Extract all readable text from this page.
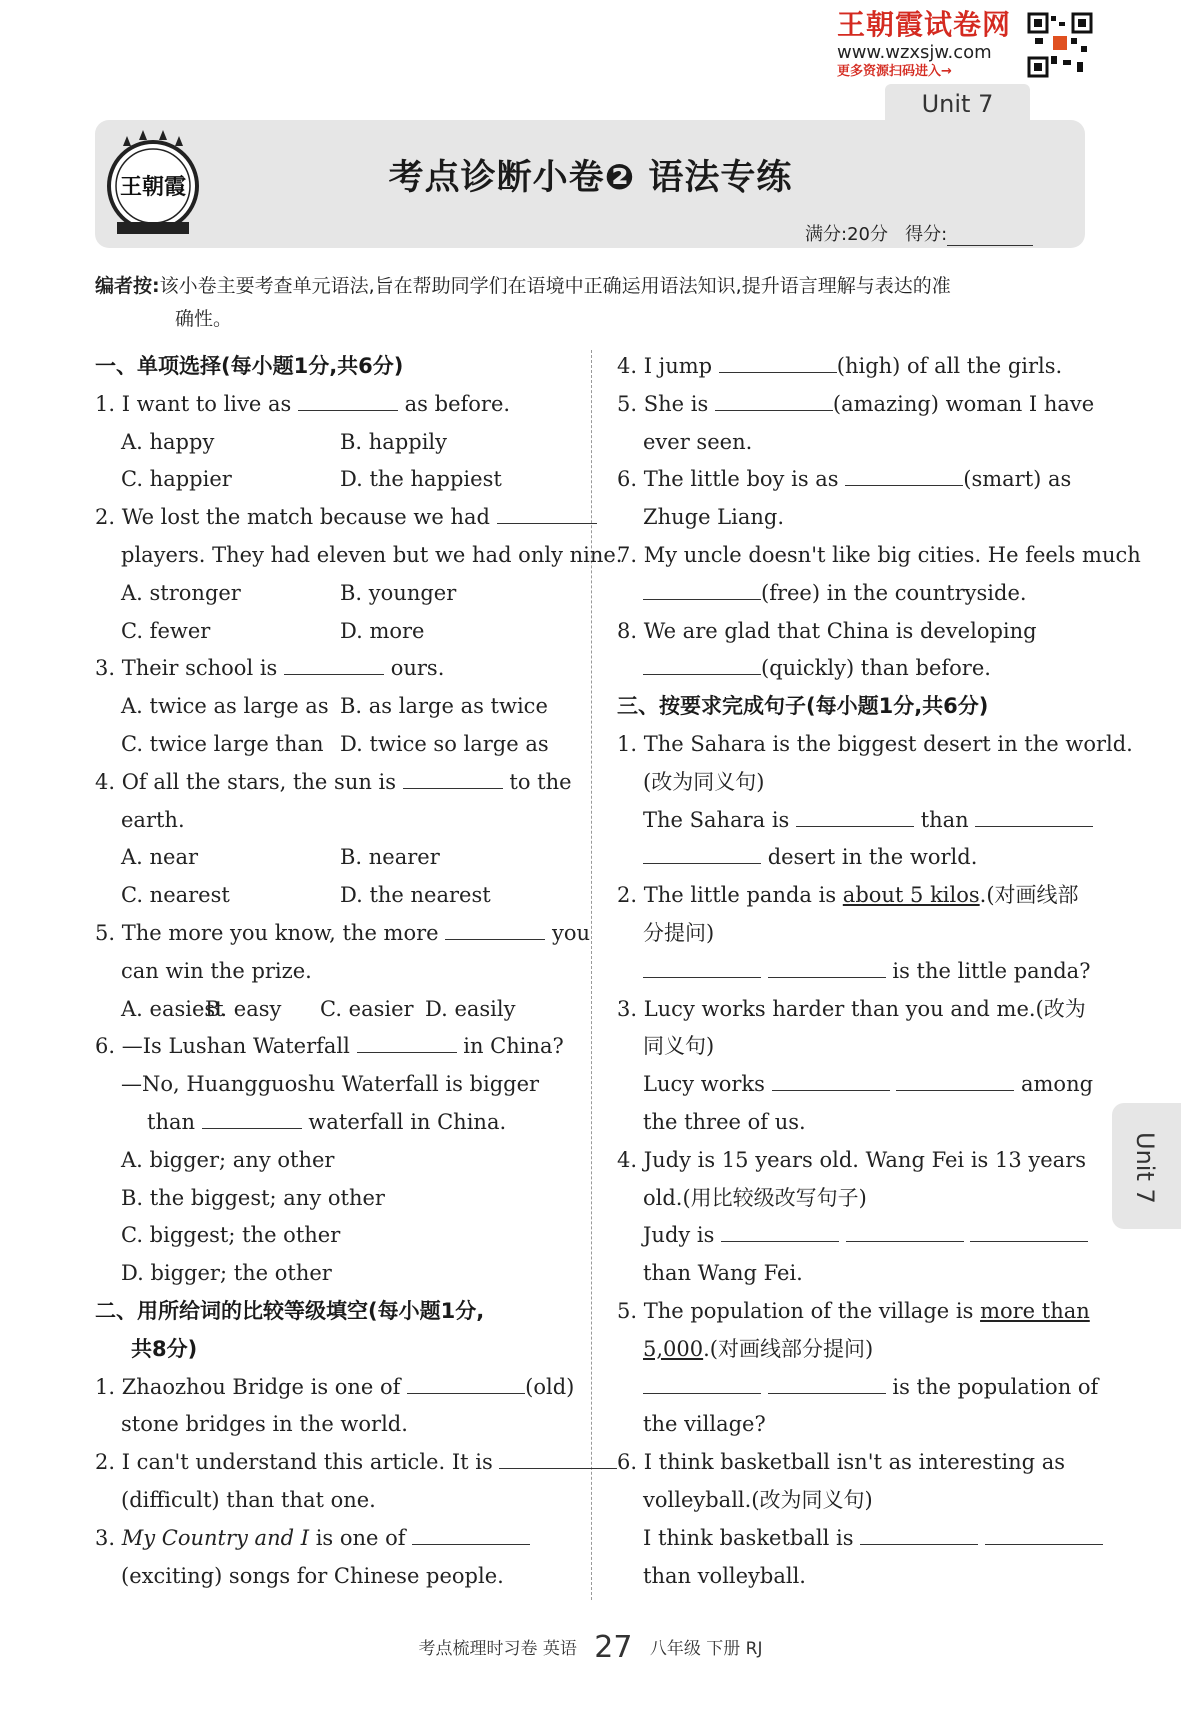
王朝霞试卷网
www.wzxsjw.com
更多资源扫码进入→
Unit 7
王朝霞	考点诊断小卷❷ 语法专练
满分:20分 得分:
编者按:该小卷主要考查单元语法,旨在帮助同学们在语境中正确运用语法知识,提升语言理解与表达的准
确性。
一、单项选择(每小题1分,共6分)
1. I want to live as	as before.
A. happy	B. happily
C. happier	D. the happiest
2. We lost the match because we had
players. They had eleven but we had only nine.
A. stronger	B. younger
C. fewer	D. more
3. Their school is	ours.
A. twice as large as B. as large as twice
C. twice large than D. twice so large as
4. Of all the stars, the sun is	to the
earth.
A. near	B. nearer
C. nearest	D. the nearest
5. The more you know, the more	you
can win the prize.
A. easiest
B. easy C. easier D. easily
6. —Is Lushan Waterfall	in China?
—No, Huangguoshu Waterfall is bigger
than	waterfall in China.
A. bigger; any other
B. the biggest; any other
C. biggest; the other
D. bigger; the other
二、用所给词的比较等级填空(每小题1分,
共8分)
1. Zhaozhou Bridge is one of	(old)
stone bridges in the world.
2. I can't understand this article. It is
(difficult) than that one.
3. My Country and I is one of
(exciting) songs for Chinese people.
4. I jump	(high) of all the girls.
5. She is	(amazing) woman I have
ever seen.
6. The little boy is as	(smart) as
Zhuge Liang.
7. My uncle doesn't like big cities. He feels much
(free) in the countryside.
8. We are glad that China is developing
(quickly) than before.
三、按要求完成句子(每小题1分,共6分)
1. The Sahara is the biggest desert in the world.
(改为同义句)
The Sahara is	than
desert in the world.
2. The little panda is about 5 kilos.(对画线部
分提问)
is the little panda?
3. Lucy works harder than you and me.(改为
同义句)
Lucy works	among
the three of us.
4. Judy is 15 years old. Wang Fei is 13 years
old.(用比较级改写句子)
Judy is
than Wang Fei.
5. The population of the village is more than
5,000.(对画线部分提问)
is the population of
the village?
6. I think basketball isn't as interesting as
volleyball.(改为同义句)
I think basketball is
than volleyball.
Unit 7
考点梳理时习卷 英语 27 八年级 下册 RJ
